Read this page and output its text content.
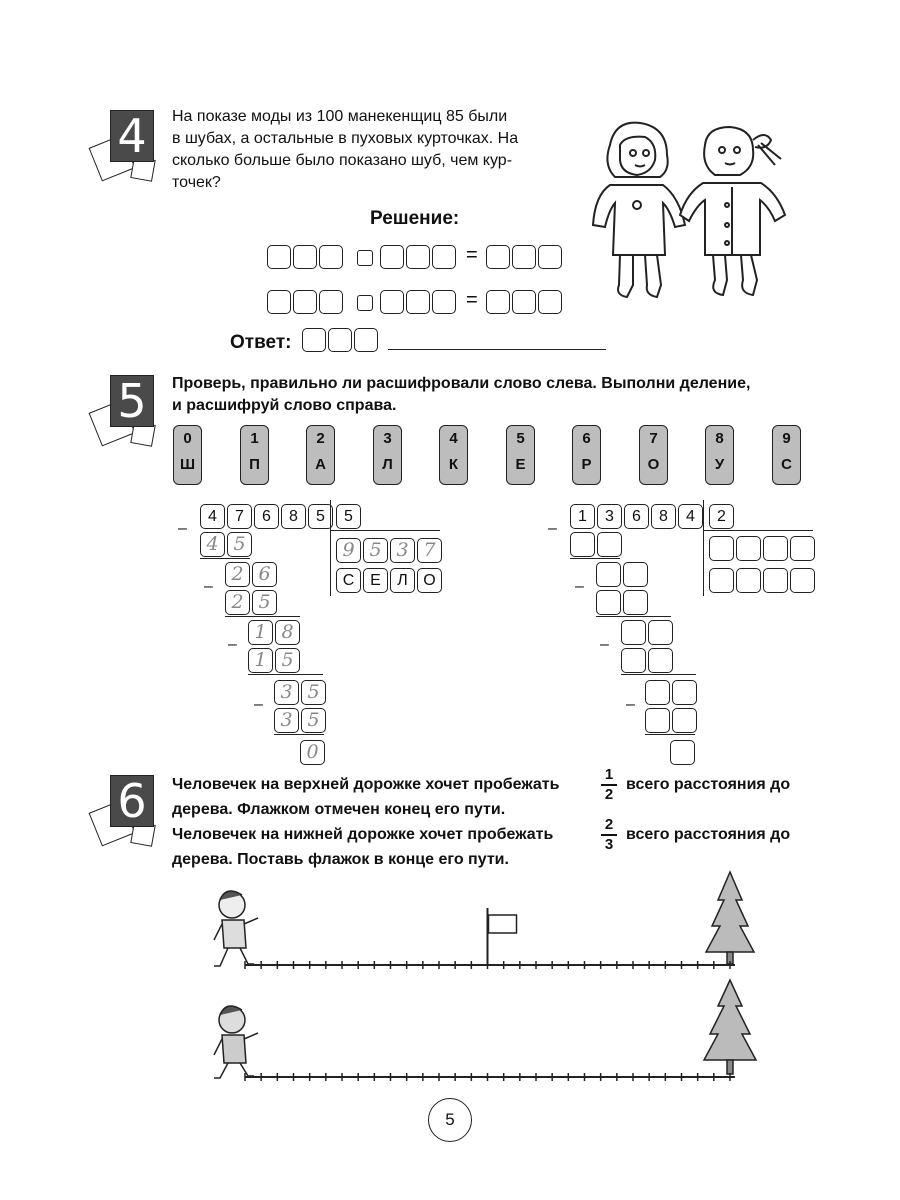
4	На показе моды из 100 манекенщиц 85 были
в шубах, а остальные в пуховых курточках. На
сколько больше было показано шуб, чем кур-
точек?
Решение:
=
=
Ответ:
5	Проверь, правильно ли расшифровали слово слева. Выполни деление,
и расшифруй слово справа.
0
Ш
1
П
2
А
3
Л
4
К
5
Е
6
Р
7
О
8
У
9
С
–
4	7	6	8	5	5
9 5 3 7
С Е	Л О
4 5
–
2 6
2 5
–
1 8
1 5
–
3 5
3 5
0
–
1	3	6	8	4	2
–
–
–
6	Человечек на верхней дорожке хочет пробежать
1
2
всего расстояния до
дерева. Флажком отмечен конец его пути.
Человечек на нижней дорожке хочет пробежать
2
3
всего расстояния до
дерева. Поставь флажок в конце его пути.
5
